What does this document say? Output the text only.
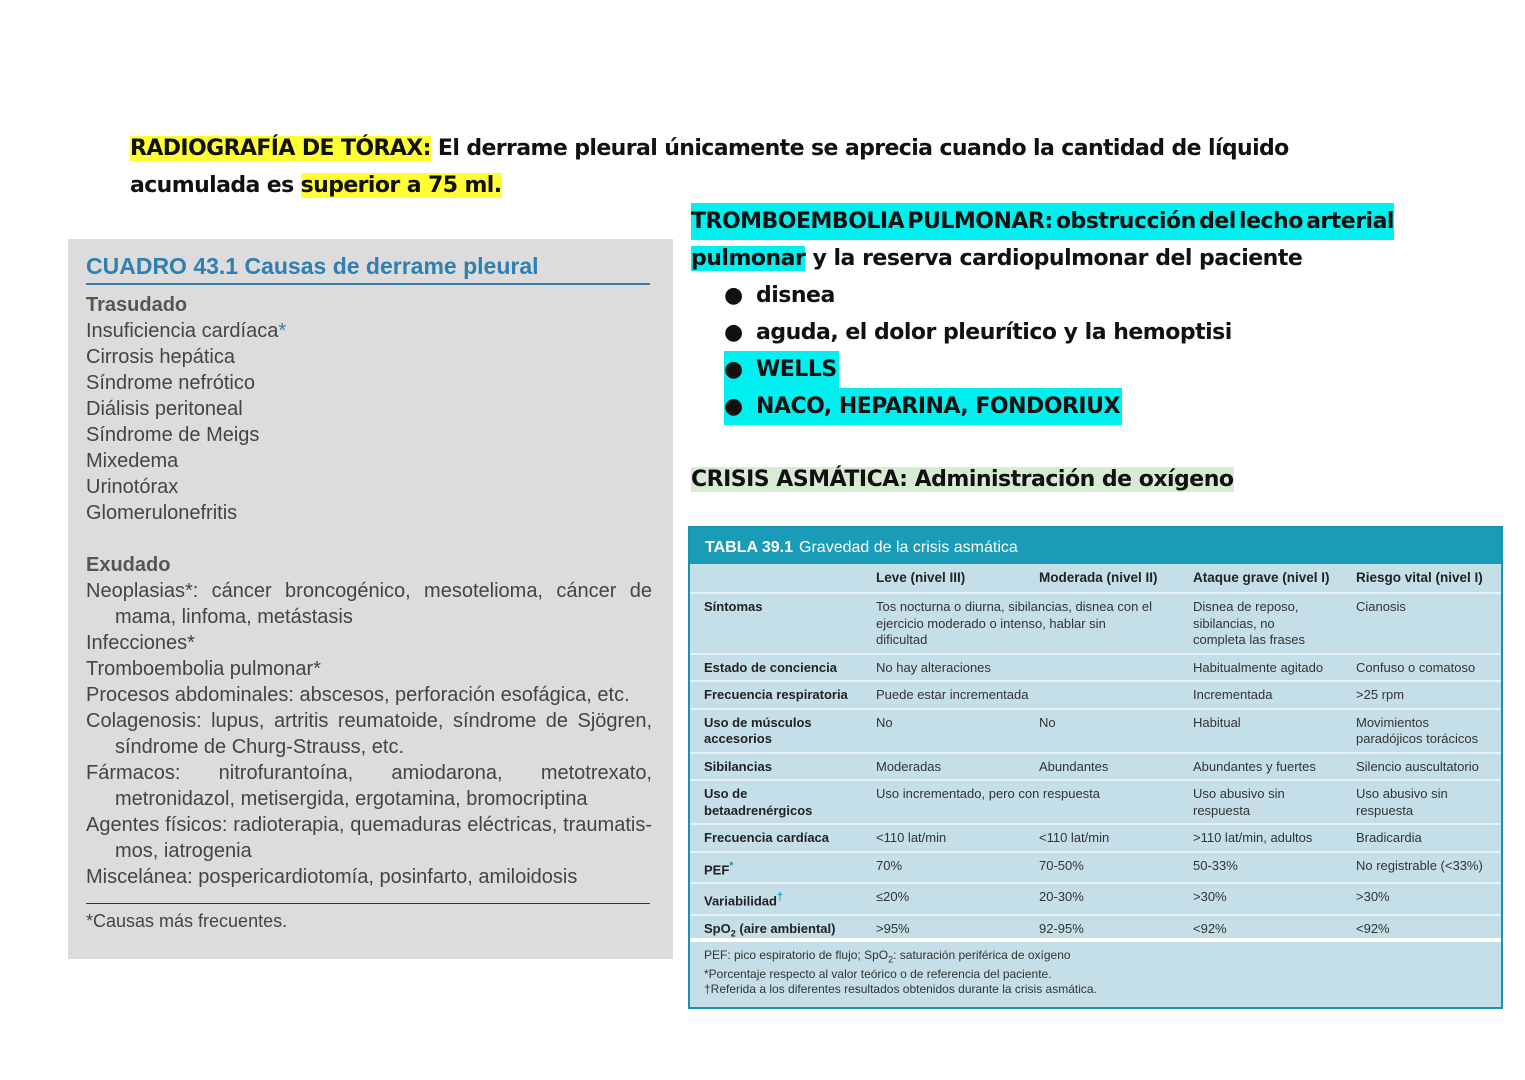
RADIOGRAFÍA DE TÓRAX: El derrame pleural únicamente se aprecia cuando la cantidad de líquido acumulada es superior a 75 ml.
CUADRO 43.1 Causas de derrame pleural

Trasudado

Insuficiencia cardíaca*

Cirrosis hepática

Síndrome nefrótico

Diálisis peritoneal

Síndrome de Meigs

Mixedema

Urinotórax

Glomerulonefritis

Exudado

Neoplasias*: cáncer broncogénico, mesotelioma, cáncer de mama, linfoma, metástasis

Infecciones*

Tromboembolia pulmonar*

Procesos abdominales: abscesos, perforación esofágica, etc.

Colagenosis: lupus, artritis reumatoide, síndrome de Sjögren, síndrome de Churg-Strauss, etc.

Fármacos: nitrofurantoína, amiodarona, metotrexato, metronidazol, metisergida, ergotamina, bromocriptina

Agentes físicos: radioterapia, quemaduras eléctricas, traumatis-mos, iatrogenia

Miscelánea: pospericardiotomía, posinfarto, amiloidosis

*Causas más frecuentes.
TROMBOEMBOLIA PULMONAR: obstrucción del lecho arterial
pulmonar y la reserva cardiopulmonar del paciente
● disnea
● aguda, el dolor pleurítico y la hemoptisi
● WELLS
● NACO, HEPARINA, FONDORIUX
CRISIS ASMÁTICA: Administración de oxígeno
TABLA 39.1 Gravedad de la crisis asmática
	Leve (nivel III)	Moderada (nivel II)	Ataque grave (nivel I)	Riesgo vital (nivel I)
Síntomas	Tos nocturna o diurna, sibilancias, disnea con el ejercicio moderado o intenso, hablar sin dificultad		Disnea de reposo, sibilancias, no completa las frases	Cianosis
Estado de conciencia	No hay alteraciones		Habitualmente agitado	Confuso o comatoso
Frecuencia respiratoria	Puede estar incrementada		Incrementada	>25 rpm
Uso de músculos accesorios	No	No	Habitual	Movimientos paradójicos torácicos
Sibilancias	Moderadas	Abundantes	Abundantes y fuertes	Silencio auscultatorio
Uso de betaadrenérgicos	Uso incrementado, pero con respuesta		Uso abusivo sin respuesta	Uso abusivo sin respuesta
Frecuencia cardíaca	<110 lat/min	<110 lat/min	>110 lat/min, adultos	Bradicardia
PEF*	70%	70-50%	50-33%	No registrable (<33%)
Variabilidad†	≤20%	20-30%	>30%	>30%
SpO$_2$ (aire ambiental)	>95%	92-95%	<92%	<92%
PEF: pico espiratorio de flujo; SpO$_2$: saturación periférica de oxígeno
*Porcentaje respecto al valor teórico o de referencia del paciente.
†Referida a los diferentes resultados obtenidos durante la crisis asmática.
